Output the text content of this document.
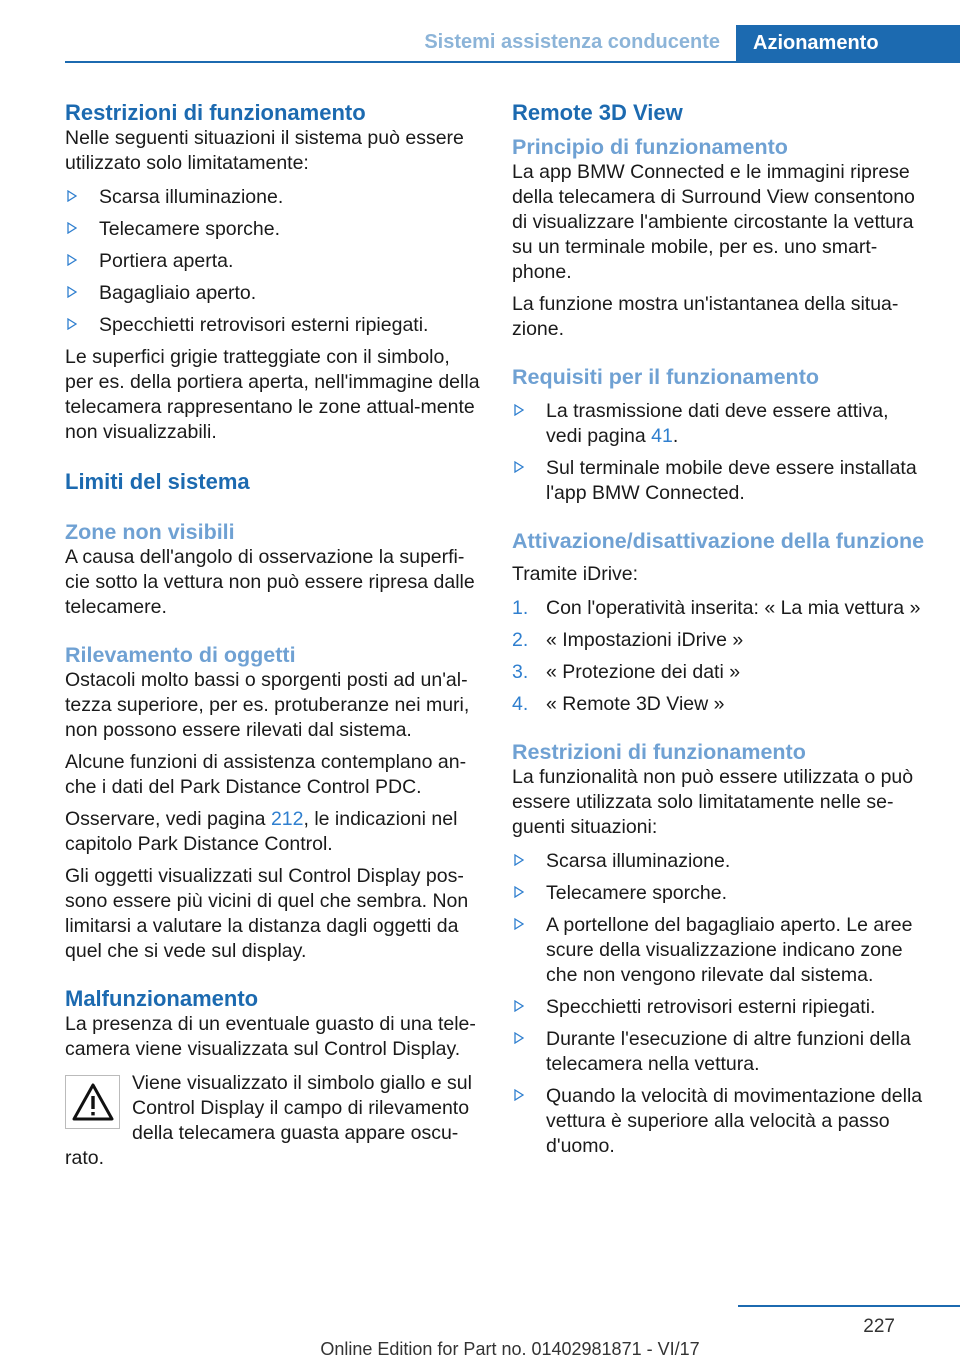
Sistemi assistenza conducente	Azionamento
Restrizioni di funzionamento

Nelle seguenti situazioni il sistema può essere utilizzato solo limitatamente:

Scarsa illuminazione.
Telecamere sporche.
Portiera aperta.
Bagagliaio aperto.
Specchietti retrovisori esterni ripiegati.

Le superfici grigie tratteggiate con il simbolo, per es. della portiera aperta, nell'immagine della telecamera rappresentano le zone attual-mente non visualizzabili.

Limiti del sistema
Zone non visibili

A causa dell'angolo di osservazione la superfi-cie sotto la vettura non può essere ripresa dalle telecamere.

Rilevamento di oggetti

Ostacoli molto bassi o sporgenti posti ad un'al-tezza superiore, per es. protuberanze nei muri, non possono essere rilevati dal sistema.

Alcune funzioni di assistenza contemplano an-che i dati del Park Distance Control PDC.

Osservare, vedi pagina 212, le indicazioni nel capitolo Park Distance Control.

Gli oggetti visualizzati sul Control Display pos-sono essere più vicini di quel che sembra. Non limitarsi a valutare la distanza dagli oggetti da quel che si vede sul display.

Malfunzionamento

La presenza di un eventuale guasto di una tele-camera viene visualizzata sul Control Display.

Viene visualizzato il simbolo giallo e sul Control Display il campo di rilevamento della telecamera guasta appare oscu-rato.
Remote 3D View
Principio di funzionamento

La app BMW Connected e le immagini riprese della telecamera di Surround View consentono di visualizzare l'ambiente circostante la vettura su un terminale mobile, per es. uno smart-phone.

La funzione mostra un'istantanea della situa-zione.

Requisiti per il funzionamento
La trasmissione dati deve essere attiva, vedi pagina 41.
Sul terminale mobile deve essere installata l'app BMW Connected.
Attivazione/disattivazione della funzione

Tramite iDrive:

1. Con l'operatività inserita: « La mia vettura »
2. « Impostazioni iDrive »
3. « Protezione dei dati »
4. « Remote 3D View »
Restrizioni di funzionamento

La funzionalità non può essere utilizzata o può essere utilizzata solo limitatamente nelle se-guenti situazioni:

Scarsa illuminazione.
Telecamere sporche.
A portellone del bagagliaio aperto. Le aree scure della visualizzazione indicano zone che non vengono rilevate dal sistema.
Specchietti retrovisori esterni ripiegati.
Durante l'esecuzione di altre funzioni della telecamera nella vettura.
Quando la velocità di movimentazione della vettura è superiore alla velocità a passo d'uomo.
227
Online Edition for Part no. 01402981871 - VI/17
